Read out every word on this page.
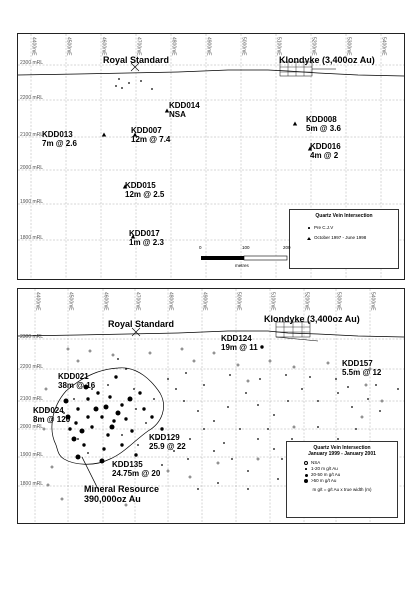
4400mE	4500mE	4600mE	4700mE	4800mE	4900mE	5000mE	5100mE	5200mE	5300mE	5400mE
2300 mRL
2200 mRL
2100 mRL
2000 mRL
1900 mRL
1800 mRL
Royal Standard	Klondyke (3,400oz Au)
KDD014
NSA
KDD013
7m @ 2.6
KDD007
12m @ 7.4
KDD008
5m @ 3.6
KDD016
4m @ 2
KDD015
12m @ 2.5
KDD017
1m @ 2.3
Quartz Vein Intersection
Pre C.J.V
October 1997 - June 1998
0	100	200
metres
4400mE	4500mE	4600mE	4700mE	4800mE	4900mE	5000mE	5100mE	5200mE	5300mE	5400mE
2300 mRL
2200 mRL
2100 mRL
2000 mRL
1900 mRL
1800 mRL
Royal Standard	Klondyke (3,400oz Au)
KDD124
19m @ 11
KDD157
5.5m @ 12
KDD021
38m @ 16
KDD024
8m @ 120
KDD129
25.9 @ 22
KDD135
24.75m @ 20
Mineral Resource
390,000oz Au
Quartz Vein Intersection
January 1999 - January 2001
NSA
1-20 m g/t Au
20-50 m g/t Au
>50 m g/t Au
m g/t = g/t Au x true width (m)
